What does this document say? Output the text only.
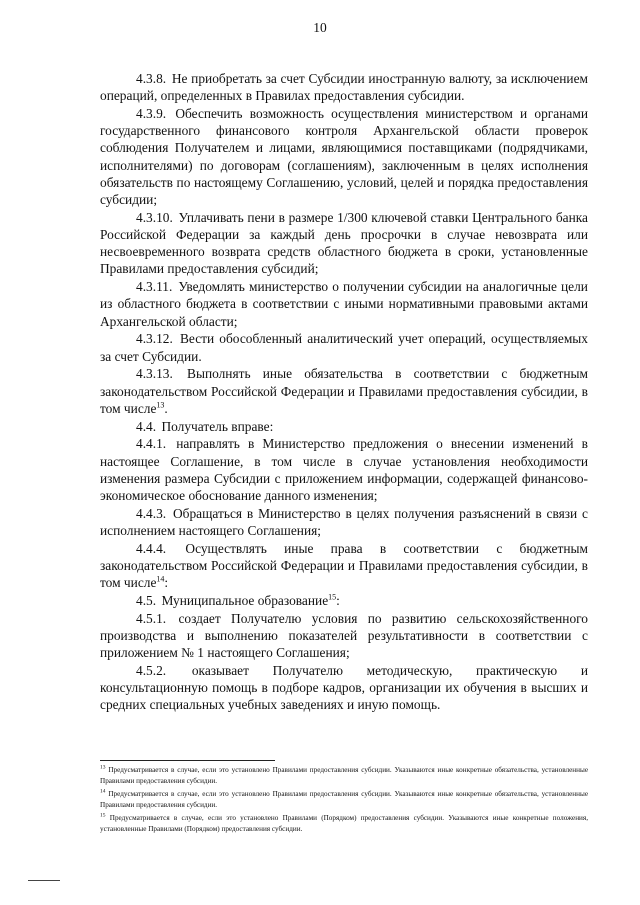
10

4.3.8. Не приобретать за счет Субсидии иностранную валюту, за исключением операций, определенных в Правилах предоставления субсидии.

4.3.9. Обеспечить возможность осуществления министерством и органами государственного финансового контроля Архангельской области проверок соблюдения Получателем и лицами, являющимися поставщиками (подрядчиками, исполнителями) по договорам (соглашениям), заключенным в целях исполнения обязательств по настоящему Соглашению, условий, целей и порядка предоставления субсидии;

4.3.10. Уплачивать пени в размере 1/300 ключевой ставки Центрального банка Российской Федерации за каждый день просрочки в случае невозврата или несвоевременного возврата средств областного бюджета в сроки, установленные Правилами предоставления субсидий;

4.3.11. Уведомлять министерство о получении субсидии на аналогичные цели из областного бюджета в соответствии с иными нормативными правовыми актами Архангельской области;

4.3.12. Вести обособленный аналитический учет операций, осуществляемых за счет Субсидии.

4.3.13. Выполнять иные обязательства в соответствии с бюджетным законодательством Российской Федерации и Правилами предоставления субсидии, в том числе$^{13}$.

4.4. Получатель вправе:

4.4.1. направлять в Министерство предложения о внесении изменений в настоящее Соглашение, в том числе в случае установления необходимости изменения размера Субсидии с приложением информации, содержащей финансово-экономическое обоснование данного изменения;

4.4.3. Обращаться в Министерство в целях получения разъяснений в связи с исполнением настоящего Соглашения;

4.4.4. Осуществлять иные права в соответствии с бюджетным законодательством Российской Федерации и Правилами предоставления субсидии, в том числе$^{14}$:

4.5. Муниципальное образование$^{15}$:

4.5.1. создает Получателю условия по развитию сельскохозяйственного производства и выполнению показателей результативности в соответствии с приложением № 1 настоящего Соглашения;

4.5.2. оказывает Получателю методическую, практическую и консультационную помощь в подборе кадров, организации их обучения в высших и средних специальных учебных заведениях и иную помощь.

$^{13}$ Предусматривается в случае, если это установлено Правилами предоставления субсидии. Указываются иные конкретные обязательства, установленные Правилами предоставления субсидии.

$^{14}$ Предусматривается в случае, если это установлено Правилами предоставления субсидии. Указываются иные конкретные обязательства, установленные Правилами предоставления субсидии.

$^{15}$ Предусматривается в случае, если это установлено Правилами (Порядком) предоставления субсидии. Указываются иные конкретные положения, установленные Правилами (Порядком) предоставления субсидии.
